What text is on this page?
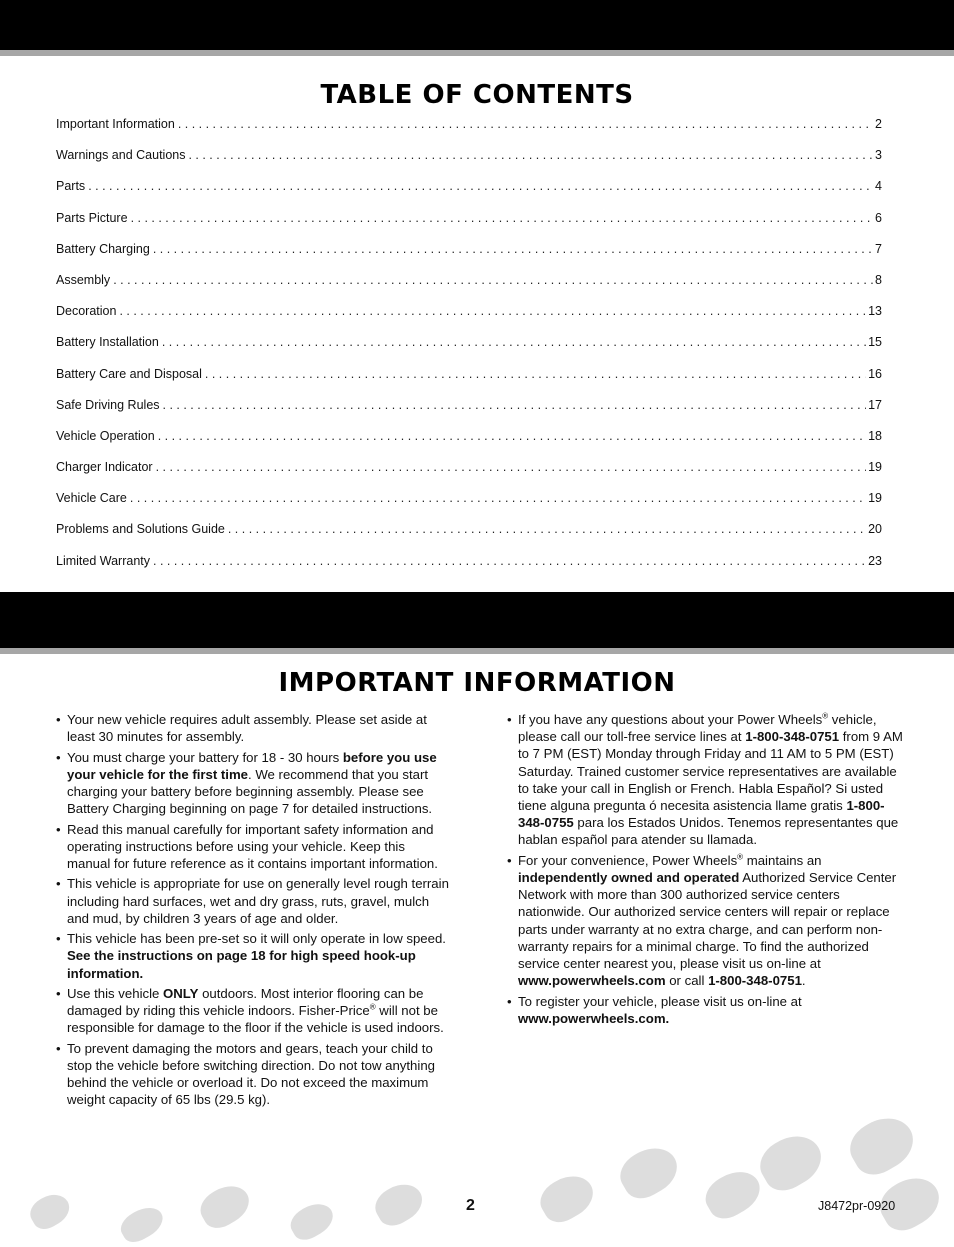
TABLE OF CONTENTS
Important Information . . .	2
Warnings and Cautions . . .	3
Parts . . .	4
Parts Picture . . .	6
Battery Charging . . .	7
Assembly . . .	8
Decoration . . .	13
Battery Installation . . .	15
Battery Care and Disposal . . .	16
Safe Driving Rules . . .	17
Vehicle Operation . . .	18
Charger Indicator . . .	19
Vehicle Care . . .	19
Problems and Solutions Guide . . .	20
Limited Warranty . . .	23
IMPORTANT INFORMATION
• Your new vehicle requires adult assembly. Please set aside at least 30 minutes for assembly.
• You must charge your battery for 18 - 30 hours before you use your vehicle for the first time. We recommend that you start charging your battery before beginning assembly. Please see Battery Charging beginning on page 7 for detailed instructions.
• Read this manual carefully for important safety information and operating instructions before using your vehicle. Keep this manual for future reference as it contains important information.
• This vehicle is appropriate for use on generally level rough terrain including hard surfaces, wet and dry grass, ruts, gravel, mulch and mud, by children 3 years of age and older.
• This vehicle has been pre-set so it will only operate in low speed. See the instructions on page 18 for high speed hook-up information.
• Use this vehicle ONLY outdoors. Most interior flooring can be damaged by riding this vehicle indoors. Fisher-Price® will not be responsible for damage to the floor if the vehicle is used indoors.
• To prevent damaging the motors and gears, teach your child to stop the vehicle before switching direction. Do not tow anything behind the vehicle or overload it. Do not exceed the maximum weight capacity of 65 lbs (29.5 kg).
• If you have any questions about your Power Wheels® vehicle, please call our toll-free service lines at 1-800-348-0751 from 9 AM to 7 PM (EST) Monday through Friday and 11 AM to 5 PM (EST) Saturday. Trained customer service representatives are available to take your call in English or French. Habla Español? Si usted tiene alguna pregunta ó necesita asistencia llame gratis 1-800-348-0755 para los Estados Unidos. Tenemos representantes que hablan español para atender su llamada.
• For your convenience, Power Wheels® maintains an independently owned and operated Authorized Service Center Network with more than 300 authorized service centers nationwide. Our authorized service centers will repair or replace parts under warranty at no extra charge, and can perform non-warranty repairs for a minimal charge. To find the authorized service center nearest you, please visit us on-line at www.powerwheels.com or call 1-800-348-0751.
• To register your vehicle, please visit us on-line at www.powerwheels.com.
2	J8472pr-0920
